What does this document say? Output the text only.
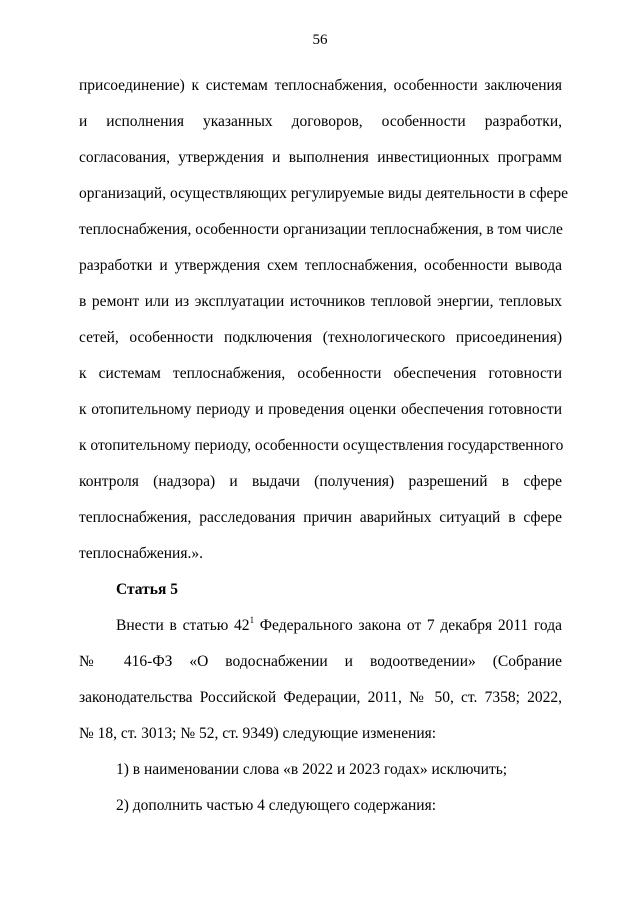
56
присоединение) к системам теплоснабжения, особенности заключения
и исполнения указанных договоров, особенности разработки,
согласования, утверждения и выполнения инвестиционных программ
организаций, осуществляющих регулируемые виды деятельности в сфере
теплоснабжения, особенности организации теплоснабжения, в том числе
разработки и утверждения схем теплоснабжения, особенности вывода
в ремонт или из эксплуатации источников тепловой энергии, тепловых
сетей, особенности подключения (технологического присоединения)
к системам теплоснабжения, особенности обеспечения готовности
к отопительному периоду и проведения оценки обеспечения готовности
к отопительному периоду, особенности осуществления государственного
контроля (надзора) и выдачи (получения) разрешений в сфере
теплоснабжения, расследования причин аварийных ситуаций в сфере
теплоснабжения.».
Статья 5
Внести в статью $42^1$ Федерального закона от 7 декабря 2011 года
№ 416-ФЗ «О водоснабжении и водоотведении» (Собрание
законодательства Российской Федерации, 2011, № 50, ст. 7358; 2022,
№ 18, ст. 3013; № 52, ст. 9349) следующие изменения:
1) в наименовании слова «в 2022 и 2023 годах» исключить;
2) дополнить частью 4 следующего содержания:
